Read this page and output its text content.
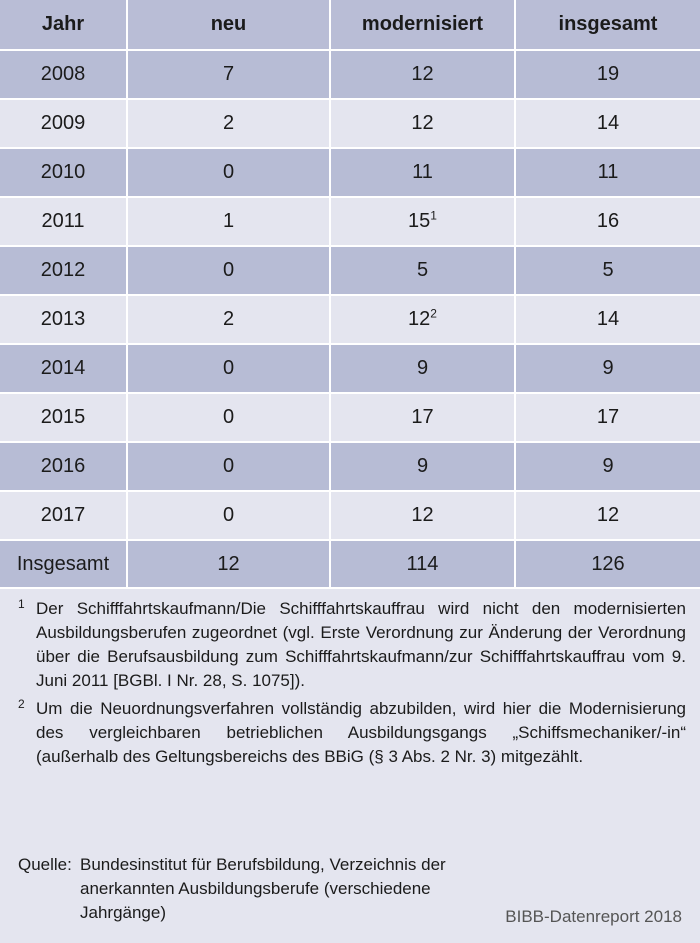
Jahr	neu	modernisiert	insgesamt
2008	7	12	19
2009	2	12	14
2010	0	11	11
2011	1	$15^1$	16
2012	0	5	5
2013	2	$12^2$	14
2014	0	9	9
2015	0	17	17
2016	0	9	9
2017	0	12	12
Insgesamt	12	114	126
1 Der Schifffahrtskaufmann/Die Schifffahrtskauffrau wird nicht den modernisierten Ausbildungsberufen zugeordnet (vgl. Erste Verordnung zur Änderung der Verordnung über die Berufsausbildung zum Schifffahrtskaufmann/zur Schifffahrtskauffrau vom 9. Juni 2011 [BGBl. I Nr. 28, S. 1075]).
2 Um die Neuordnungsverfahren vollständig abzubilden, wird hier die Modernisierung des vergleichbaren betrieblichen Ausbildungsgangs „Schiffsmechaniker/-in“ (außerhalb des Geltungsbereichs des BBiG (§ 3 Abs. 2 Nr. 3) mitgezählt.
Quelle: Bundesinstitut für Berufsbildung, Verzeichnis der anerkannten Ausbildungsberufe (verschiedene Jahrgänge)	BIBB-Datenreport 2018
